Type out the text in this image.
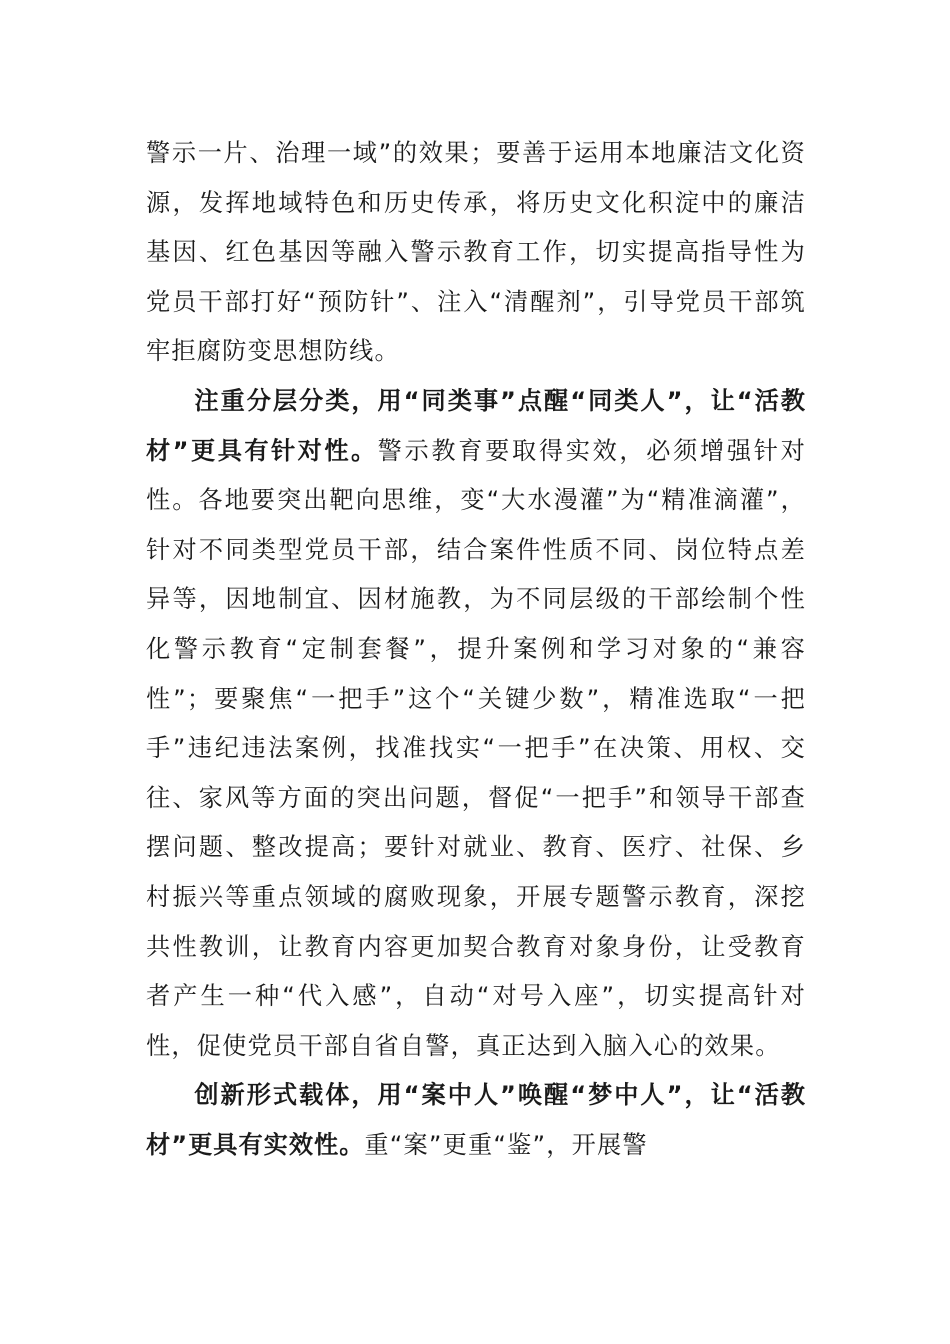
警示一片、治理一域”的效果；要善于运用本地廉洁文化资源，发挥地域特色和历史传承，将历史文化积淀中的廉洁基因、红色基因等融入警示教育工作，切实提高指导性为党员干部打好“预防针”、注入“清醒剂”，引导党员干部筑牢拒腐防变思想防线。

注重分层分类，用“同类事”点醒“同类人”，让“活教材”更具有针对性。警示教育要取得实效，必须增强针对性。各地要突出靶向思维，变“大水漫灌”为“精准滴灌”，针对不同类型党员干部，结合案件性质不同、岗位特点差异等，因地制宜、因材施教，为不同层级的干部绘制个性化警示教育“定制套餐”，提升案例和学习对象的“兼容性”；要聚焦“一把手”这个“关键少数”，精准选取“一把手”违纪违法案例，找准找实“一把手”在决策、用权、交往、家风等方面的突出问题，督促“一把手”和领导干部查摆问题、整改提高；要针对就业、教育、医疗、社保、乡村振兴等重点领域的腐败现象，开展专题警示教育，深挖共性教训，让教育内容更加契合教育对象身份，让受教育者产生一种“代入感”，自动“对号入座”，切实提高针对性，促使党员干部自省自警，真正达到入脑入心的效果。

创新形式载体，用“案中人”唤醒“梦中人”，让“活教材”更具有实效性。重“案”更重“鉴”，开展警
